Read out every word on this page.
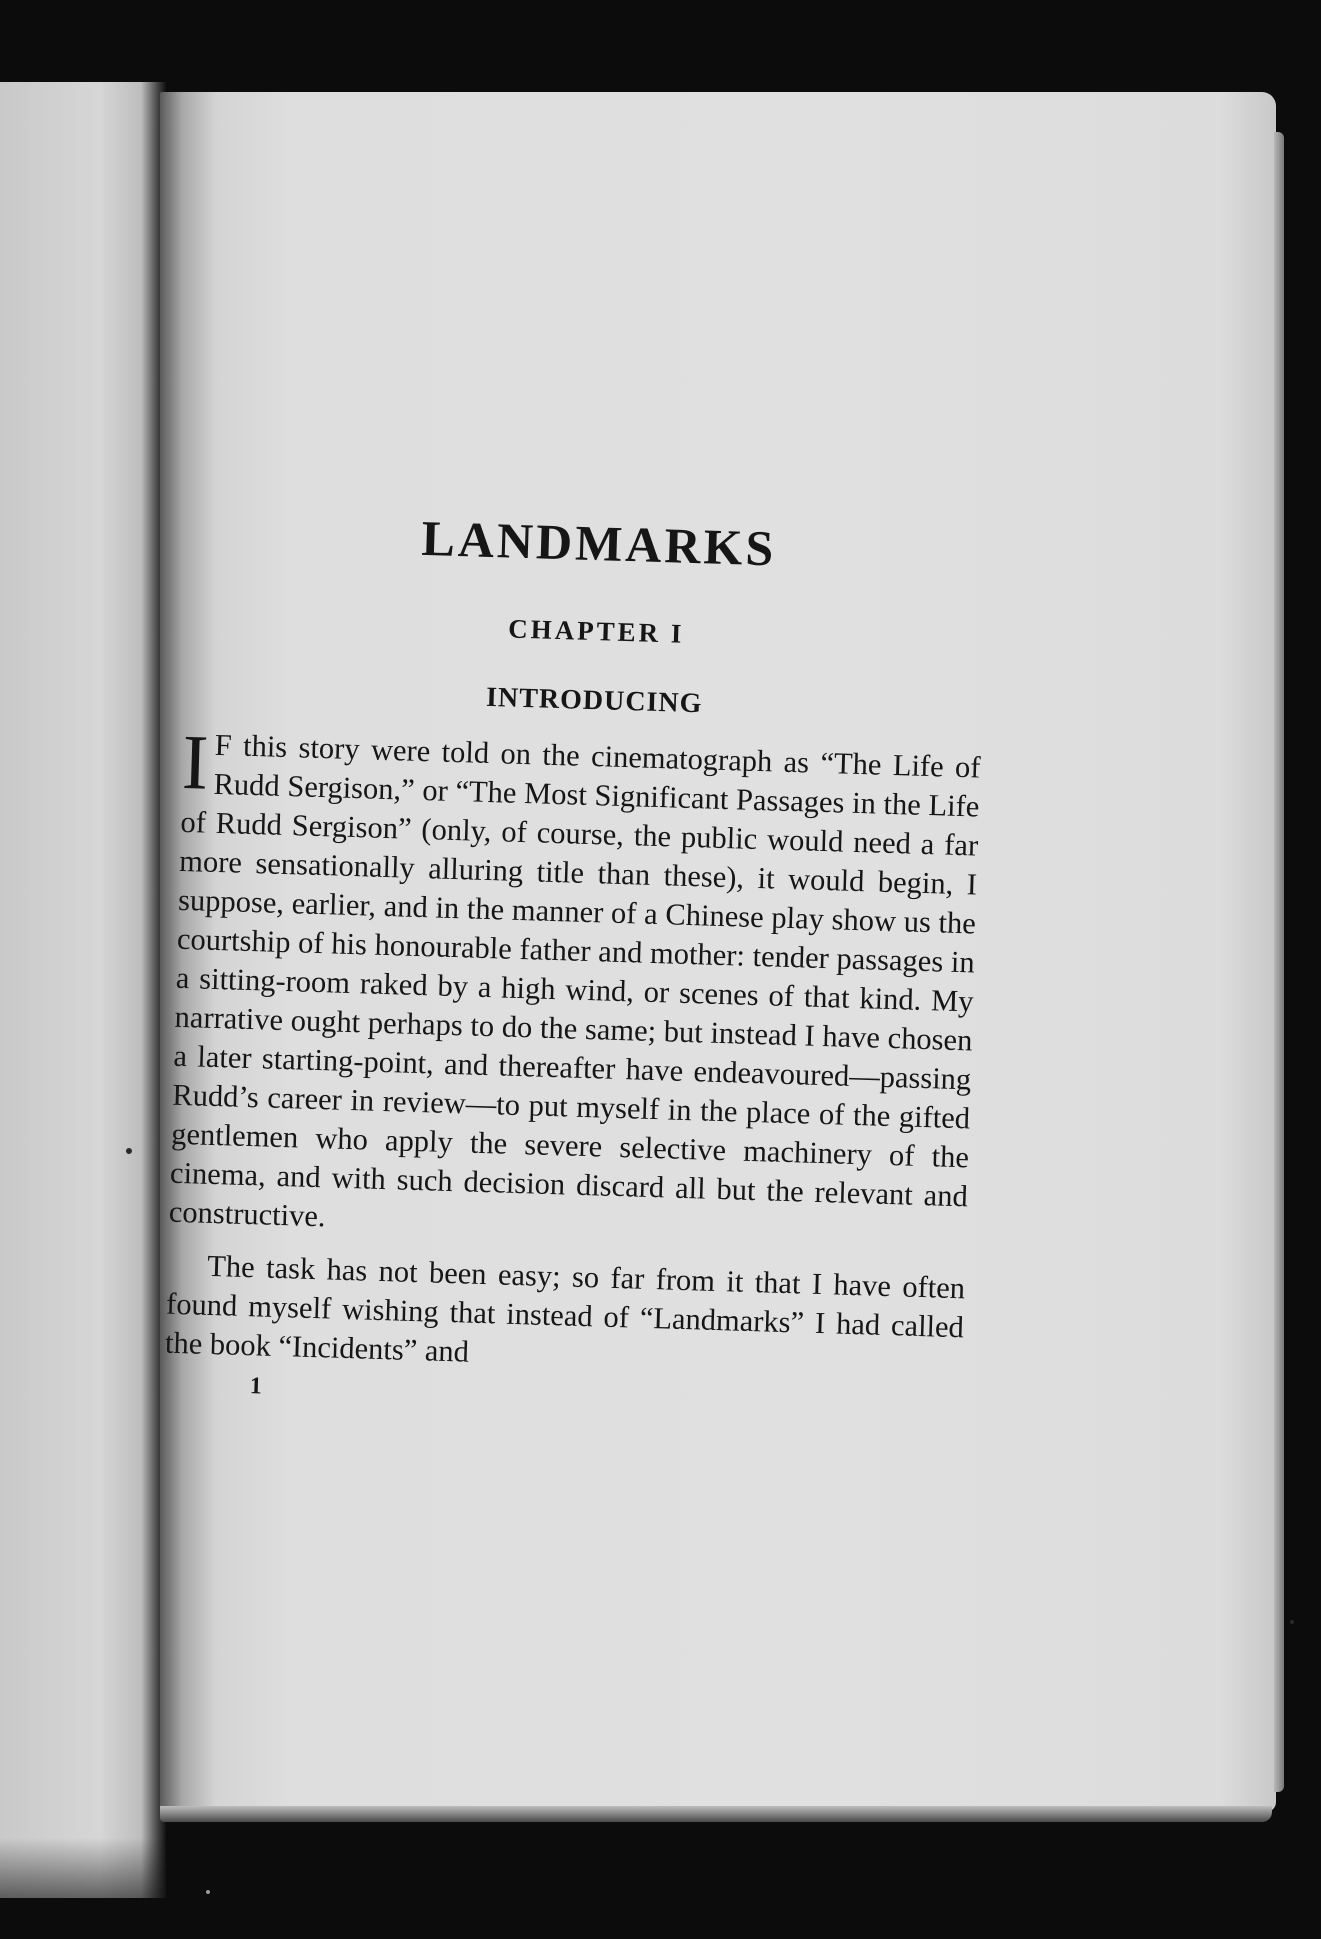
LANDMARKS
CHAPTER I
INTRODUCING

I F this story were told on the cinematograph as “The Life of Rudd Sergison,” or “The Most Significant Passages in the Life of Rudd Sergison” (only, of course, the public would need a far more sensationally alluring title than these), it would begin, I suppose, earlier, and in the manner of a Chinese play show us the courtship of his honourable father and mother: tender passages in a sitting-room raked by a high wind, or scenes of that kind. My narrative ought perhaps to do the same; but instead I have chosen a later starting-point, and thereafter have endeavoured—passing Rudd’s career in review—to put myself in the place of the gifted gentlemen who apply the severe selective machinery of the cinema, and with such decision discard all but the relevant and constructive.

The task has not been easy; so far from it that I have often found myself wishing that instead of “Landmarks” I had called the book “Incidents” and

1
